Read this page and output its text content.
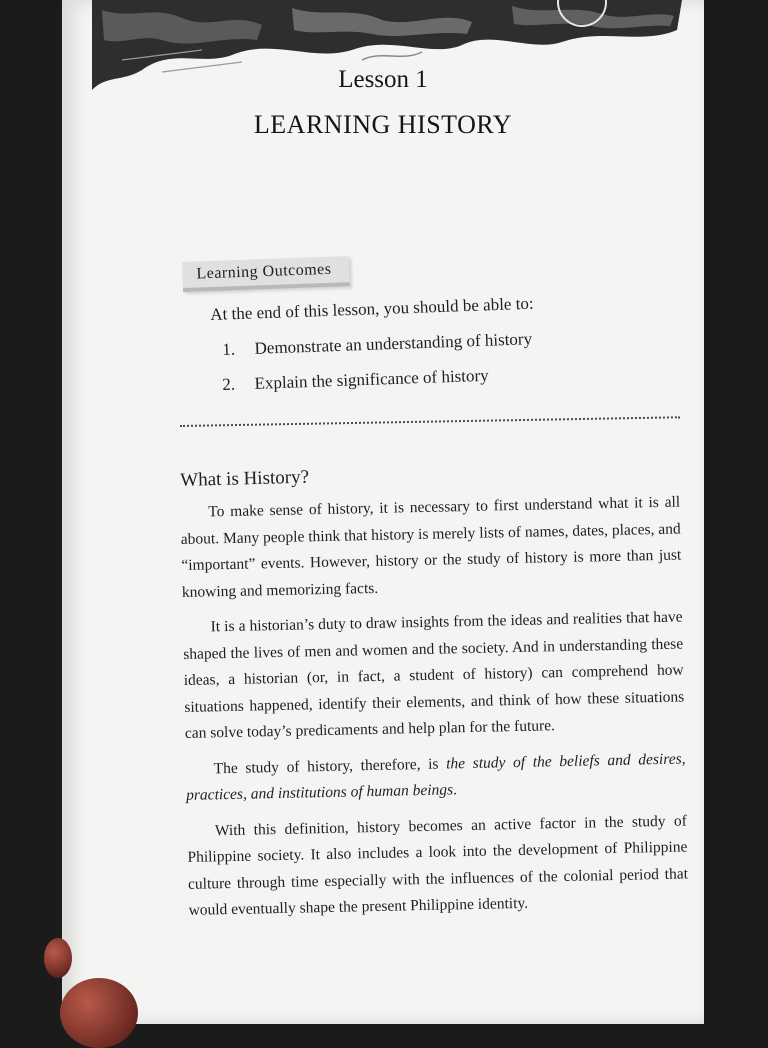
Lesson 1
LEARNING HISTORY
Learning Outcomes
At the end of this lesson, you should be able to:
1. Demonstrate an understanding of history
2. Explain the significance of history
What is History?

To make sense of history, it is necessary to first understand what it is all about. Many people think that history is merely lists of names, dates, places, and “important” events. However, history or the study of history is more than just knowing and memorizing facts.

It is a historian’s duty to draw insights from the ideas and realities that have shaped the lives of men and women and the society. And in understanding these ideas, a historian (or, in fact, a student of history) can comprehend how situations happened, identify their elements, and think of how these situations can solve today’s predicaments and help plan for the future.

The study of history, therefore, is the study of the beliefs and desires, practices, and institutions of human beings.

With this definition, history becomes an active factor in the study of Philippine society. It also includes a look into the development of Philippine culture through time especially with the influences of the colonial period that would eventually shape the present Philippine identity.
